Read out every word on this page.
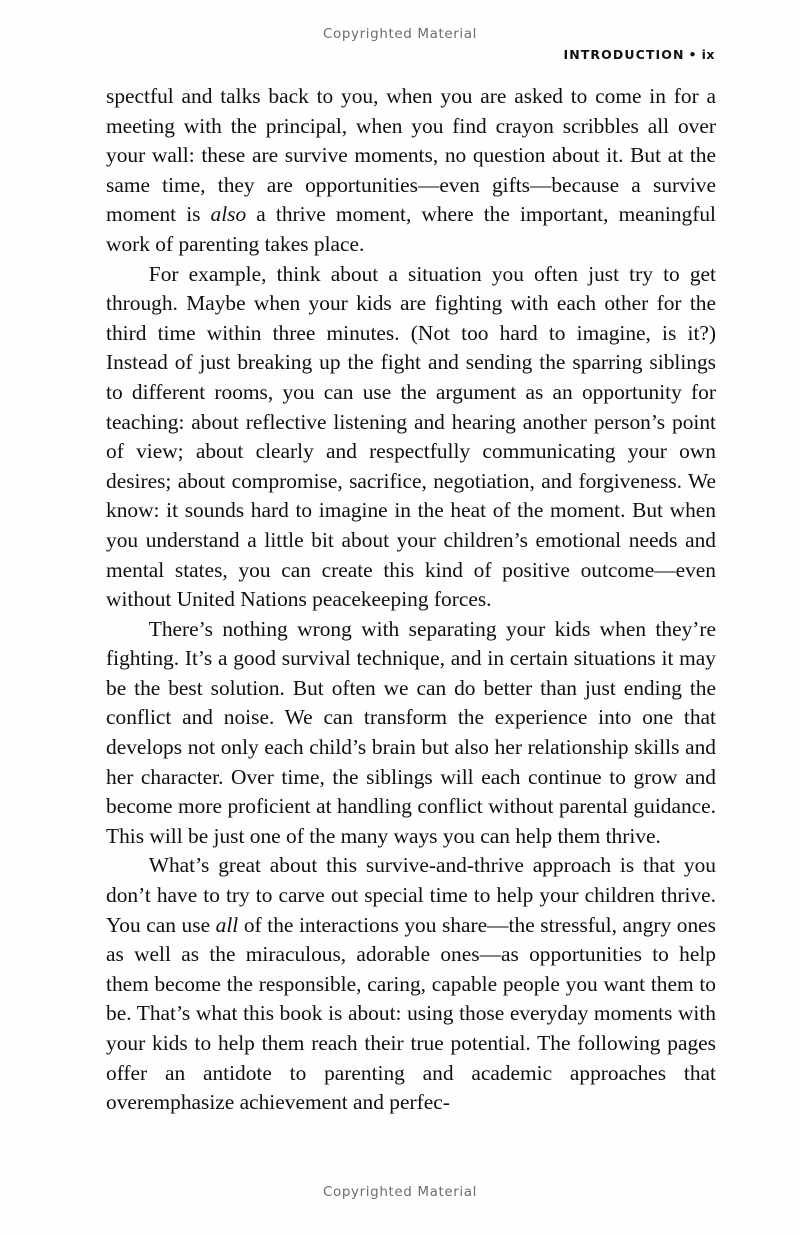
Copyrighted Material
INTRODUCTION • ix

spectful and talks back to you, when you are asked to come in for a meeting with the principal, when you find crayon scribbles all over your wall: these are survive moments, no question about it. But at the same time, they are opportunities—even gifts—because a survive moment is also a thrive moment, where the important, meaningful work of parenting takes place.

For example, think about a situation you often just try to get through. Maybe when your kids are fighting with each other for the third time within three minutes. (Not too hard to imagine, is it?) Instead of just breaking up the fight and sending the sparring siblings to different rooms, you can use the argument as an opportunity for teaching: about reflective listening and hearing another person’s point of view; about clearly and respectfully communicating your own desires; about compromise, sacrifice, negotiation, and forgiveness. We know: it sounds hard to imagine in the heat of the moment. But when you understand a little bit about your children’s emotional needs and mental states, you can create this kind of positive outcome—even without United Nations peacekeeping forces.

There’s nothing wrong with separating your kids when they’re fighting. It’s a good survival technique, and in certain situations it may be the best solution. But often we can do better than just ending the conflict and noise. We can transform the experience into one that develops not only each child’s brain but also her relationship skills and her character. Over time, the siblings will each continue to grow and become more proficient at handling conflict without parental guidance. This will be just one of the many ways you can help them thrive.

What’s great about this survive-and-thrive approach is that you don’t have to try to carve out special time to help your children thrive. You can use all of the interactions you share—the stressful, angry ones as well as the miraculous, adorable ones—as opportunities to help them become the responsible, caring, capable people you want them to be. That’s what this book is about: using those everyday moments with your kids to help them reach their true potential. The following pages offer an antidote to parenting and academic approaches that overemphasize achievement and perfec-

Copyrighted Material
